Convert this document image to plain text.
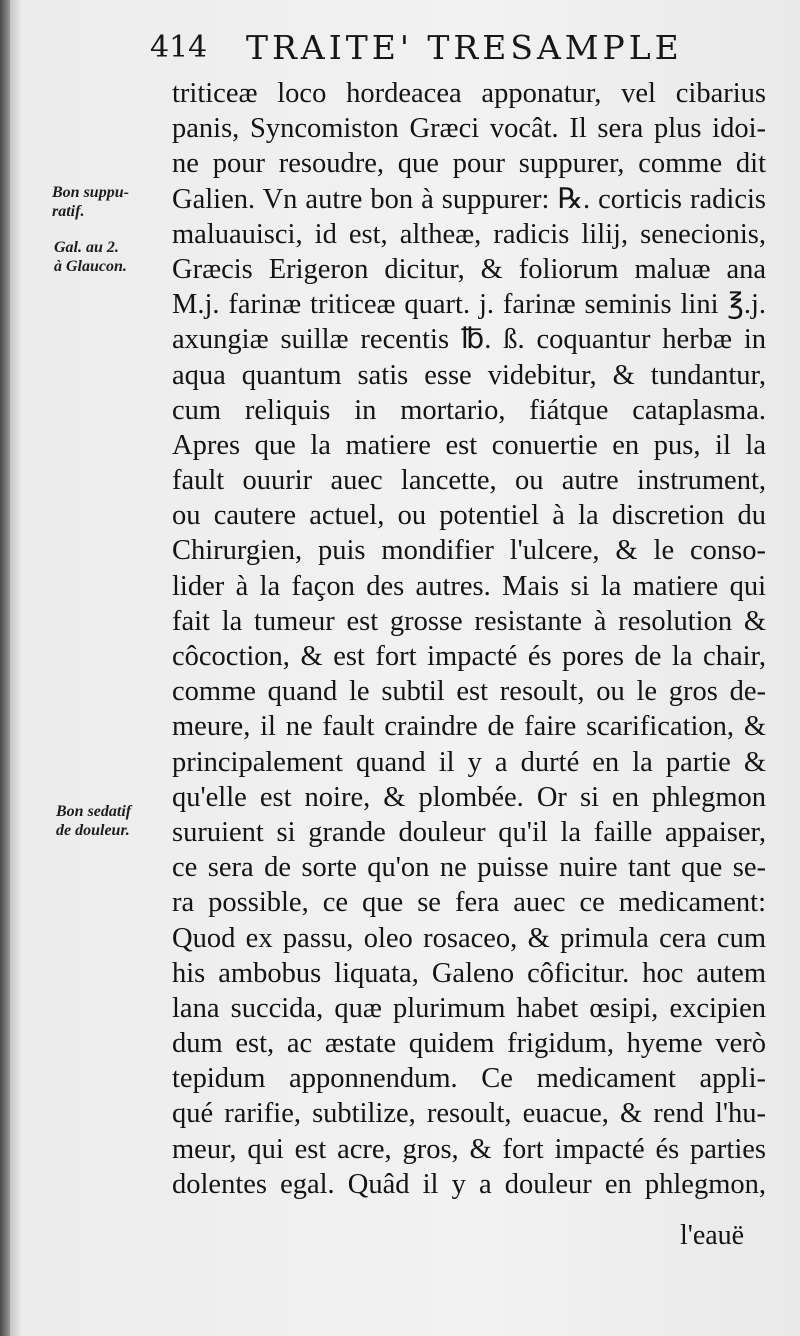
414 TRAITE' TRESAMPLE
Bon suppu-
ratif.
Gal. au 2.
à Glaucon.
Bon sedatif
de douleur.
triticeæ loco hordeacea apponatur, vel cibarius
panis, Syncomiston Græci vocât. Il sera plus idoi-
ne pour resoudre, que pour suppurer, comme dit
Galien. Vn autre bon à suppurer: ℞. corticis radicis
maluauisci, id est, altheæ, radicis lilij, senecionis,
Græcis Erigeron dicitur, & foliorum maluæ ana
M.j. farinæ triticeæ quart. j. farinæ seminis lini ℥.j.
axungiæ suillæ recentis ℔. ß. coquantur herbæ in
aqua quantum satis esse videbitur, & tundantur,
cum reliquis in mortario, fiátque cataplasma.
Apres que la matiere est conuertie en pus, il la
fault ouurir auec lancette, ou autre instrument,
ou cautere actuel, ou potentiel à la discretion du
Chirurgien, puis mondifier l'ulcere, & le conso-
lider à la façon des autres. Mais si la matiere qui
fait la tumeur est grosse resistante à resolution &
côcoction, & est fort impacté és pores de la chair,
comme quand le subtil est resoult, ou le gros de-
meure, il ne fault craindre de faire scarification, &
principalement quand il y a durté en la partie &
qu'elle est noire, & plombée. Or si en phlegmon
suruient si grande douleur qu'il la faille appaiser,
ce sera de sorte qu'on ne puisse nuire tant que se-
ra possible, ce que se fera auec ce medicament:
Quod ex passu, oleo rosaceo, & primula cera cum
his ambobus liquata, Galeno côficitur. hoc autem
lana succida, quæ plurimum habet œsipi, excipien
dum est, ac æstate quidem frigidum, hyeme verò
tepidum apponnendum. Ce medicament appli-
qué rarifie, subtilize, resoult, euacue, & rend l'hu-
meur, qui est acre, gros, & fort impacté és parties
dolentes egal. Quâd il y a douleur en phlegmon,
l'eauë
